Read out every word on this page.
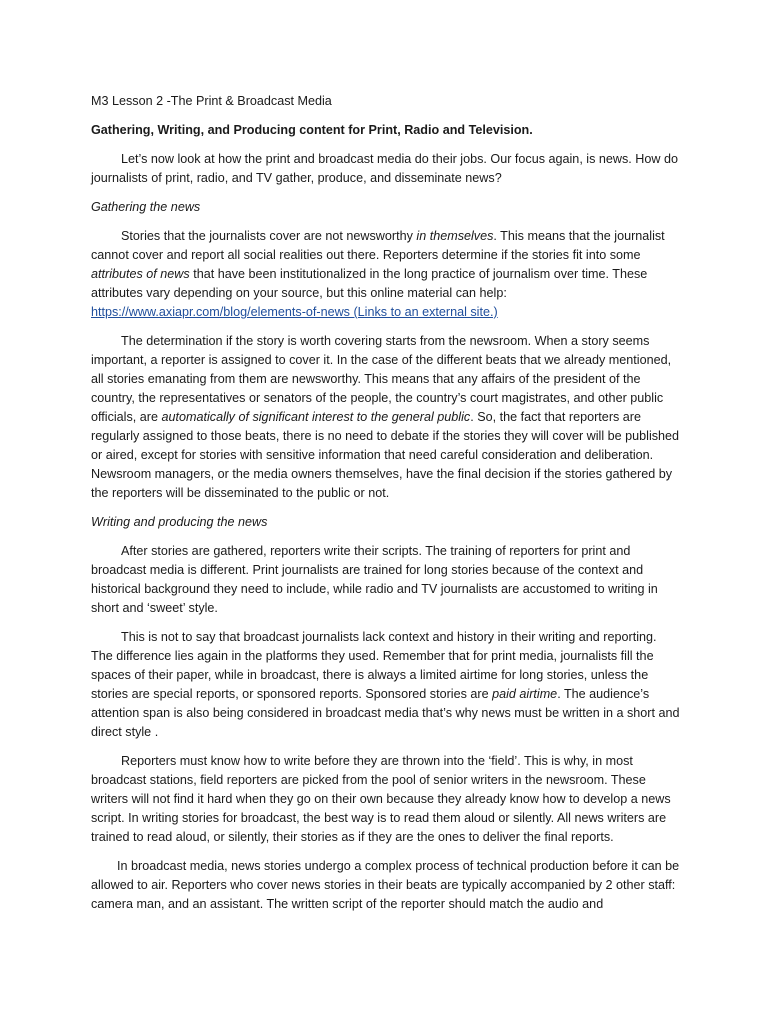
M3 Lesson 2 -The Print & Broadcast Media

Gathering, Writing, and Producing content for Print, Radio and Television.

Let’s now look at how the print and broadcast media do their jobs. Our focus again, is news. How do journalists of print, radio, and TV gather, produce, and disseminate news?

Gathering the news

Stories that the journalists cover are not newsworthy in themselves. This means that the journalist cannot cover and report all social realities out there. Reporters determine if the stories fit into some attributes of news that have been institutionalized in the long practice of journalism over time. These attributes vary depending on your source, but this online material can help: https://www.axiapr.com/blog/elements-of-news (Links to an external site.)

The determination if the story is worth covering starts from the newsroom. When a story seems important, a reporter is assigned to cover it. In the case of the different beats that we already mentioned, all stories emanating from them are newsworthy. This means that any affairs of the president of the country, the representatives or senators of the people, the country’s court magistrates, and other public officials, are automatically of significant interest to the general public. So, the fact that reporters are regularly assigned to those beats, there is no need to debate if the stories they will cover will be published or aired, except for stories with sensitive information that need careful consideration and deliberation. Newsroom managers, or the media owners themselves, have the final decision if the stories gathered by the reporters will be disseminated to the public or not.

Writing and producing the news

After stories are gathered, reporters write their scripts. The training of reporters for print and broadcast media is different. Print journalists are trained for long stories because of the context and historical background they need to include, while radio and TV journalists are accustomed to writing in short and ‘sweet’ style.

This is not to say that broadcast journalists lack context and history in their writing and reporting. The difference lies again in the platforms they used. Remember that for print media, journalists fill the spaces of their paper, while in broadcast, there is always a limited airtime for long stories, unless the stories are special reports, or sponsored reports. Sponsored stories are paid airtime. The audience’s attention span is also being considered in broadcast media that’s why news must be written in a short and direct style .

Reporters must know how to write before they are thrown into the ‘field’. This is why, in most broadcast stations, field reporters are picked from the pool of senior writers in the newsroom. These writers will not find it hard when they go on their own because they already know how to develop a news script. In writing stories for broadcast, the best way is to read them aloud or silently. All news writers are trained to read aloud, or silently, their stories as if they are the ones to deliver the final reports.

In broadcast media, news stories undergo a complex process of technical production before it can be allowed to air. Reporters who cover news stories in their beats are typically accompanied by 2 other staff: camera man, and an assistant. The written script of the reporter should match the audio and
